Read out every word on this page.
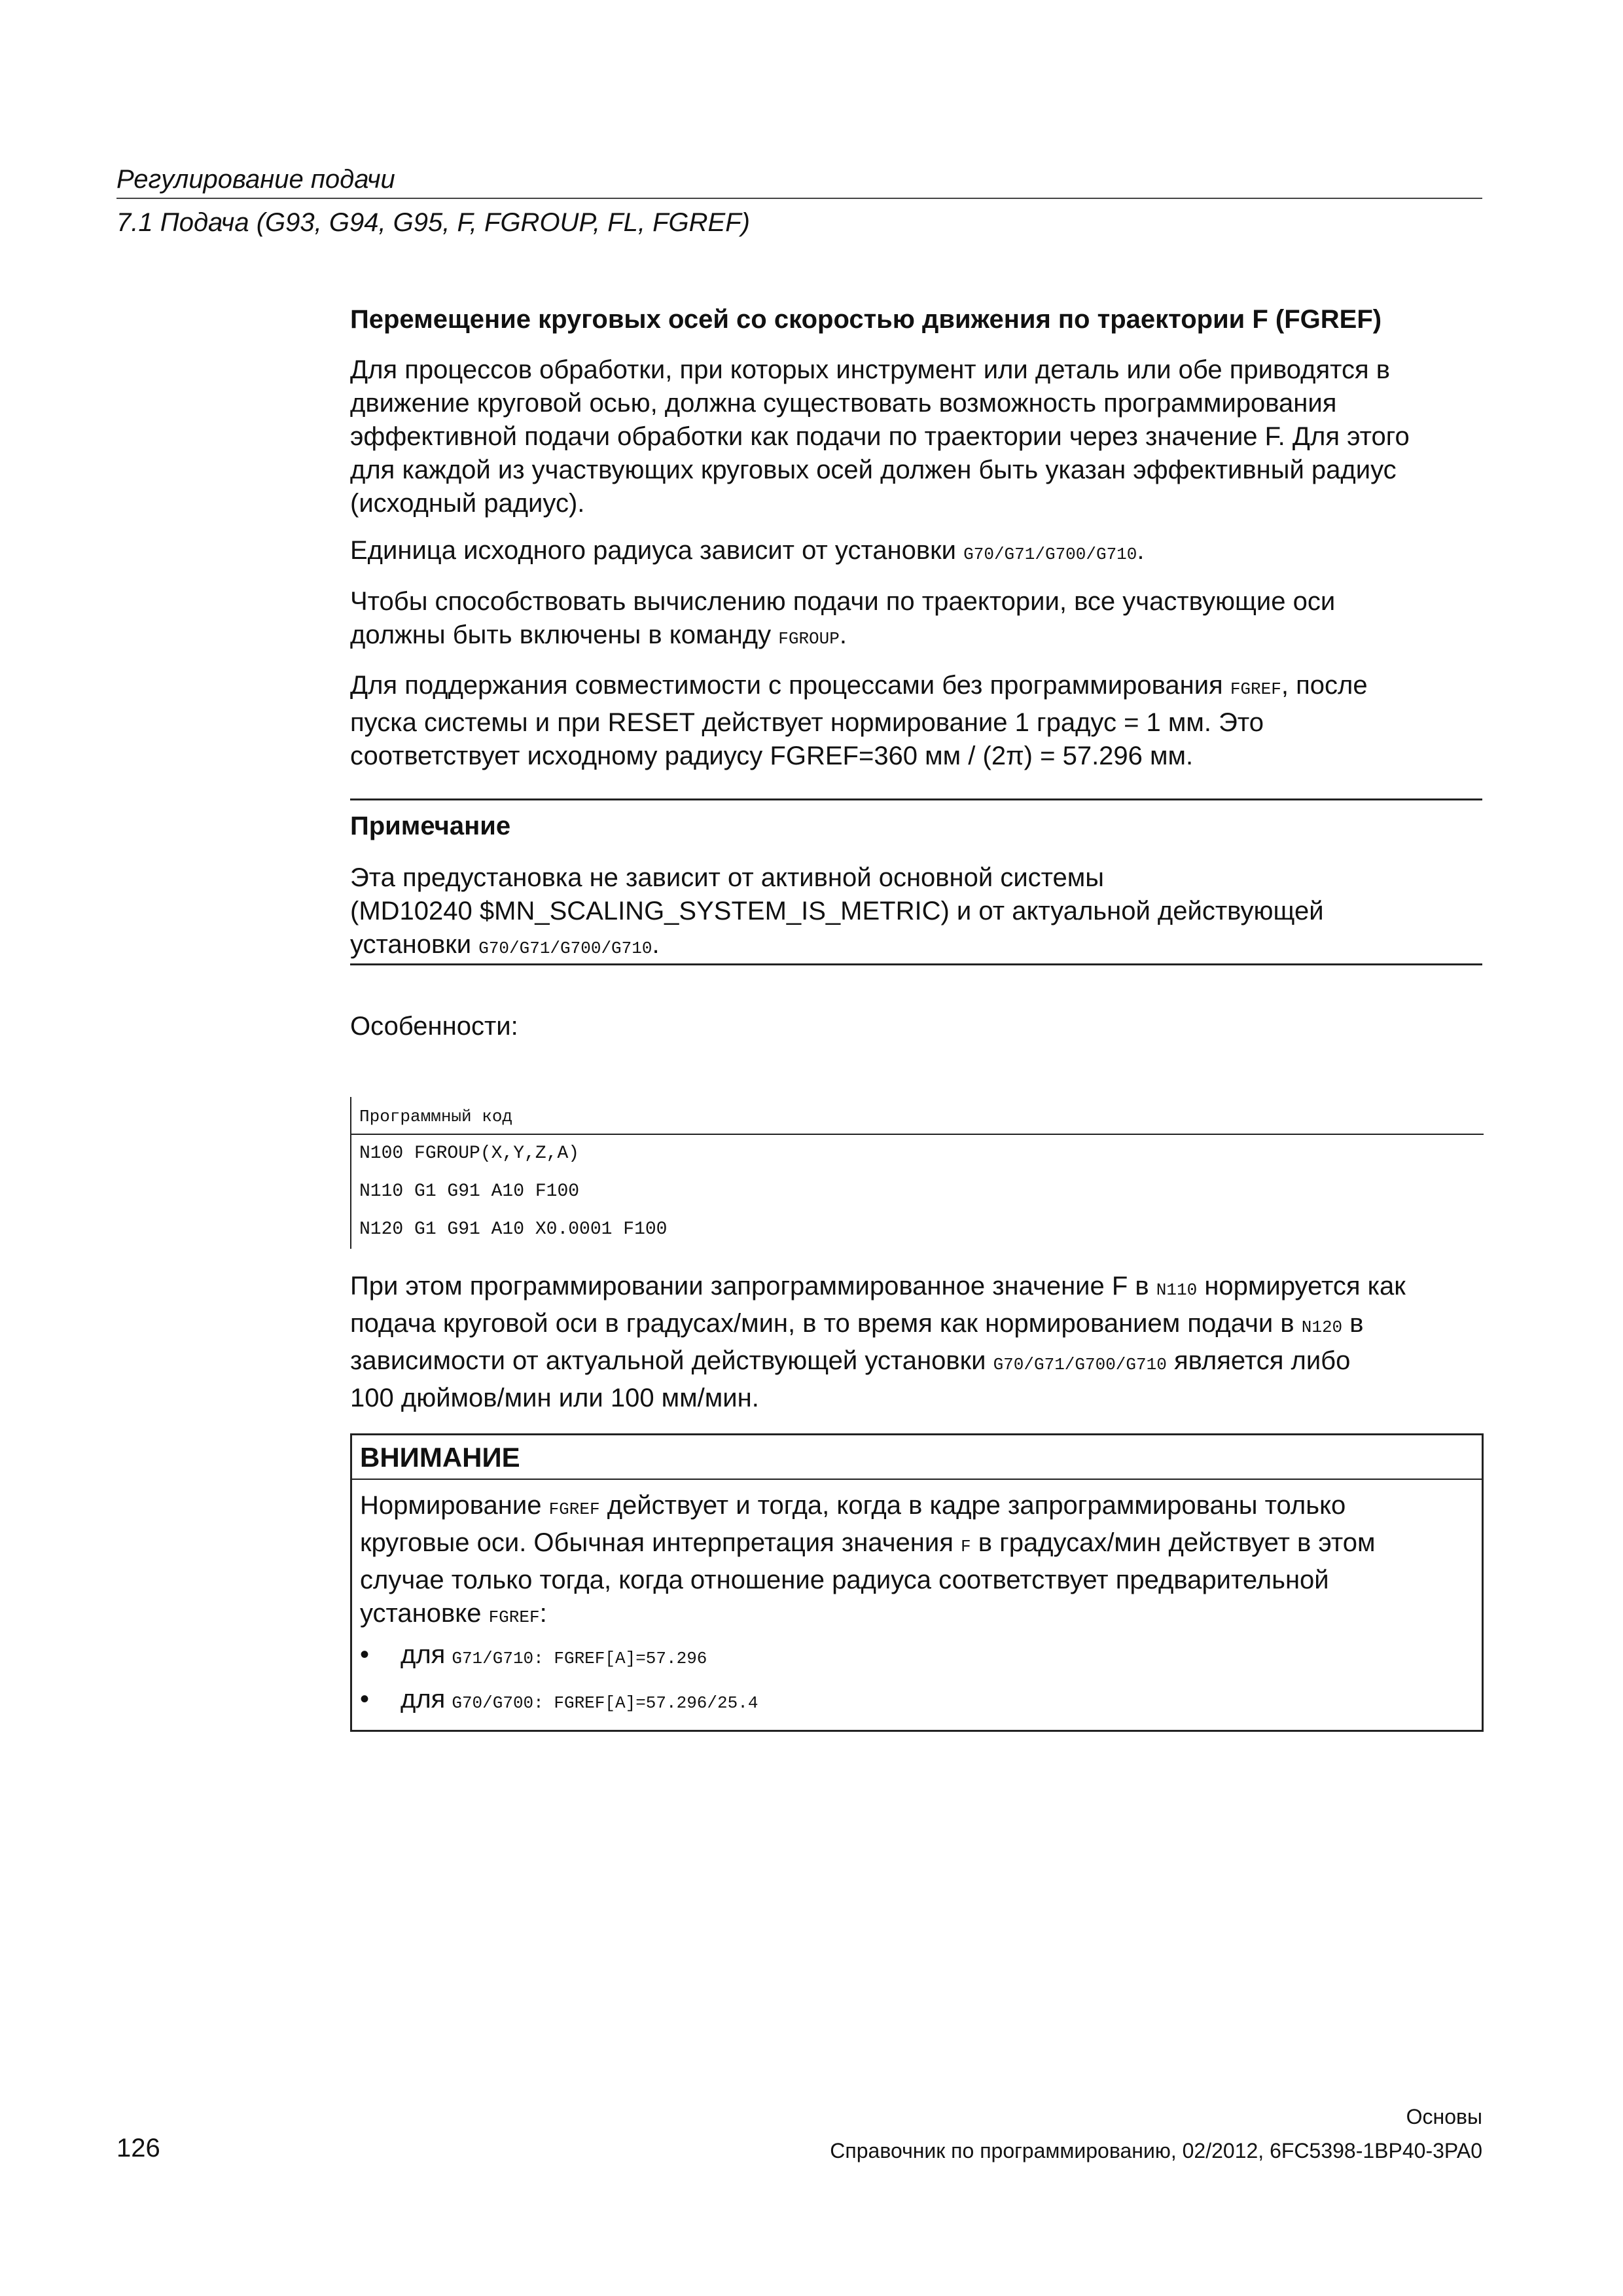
Регулирование подачи
7.1 Подача (G93, G94, G95, F, FGROUP, FL, FGREF)
Перемещение круговых осей со скоростью движения по траектории F (FGREF)

Для процессов обработки, при которых инструмент или деталь или обе приводятся в

движение круговой осью, должна существовать возможность программирования

эффективной подачи обработки как подачи по траектории через значение F. Для этого

для каждой из участвующих круговых осей должен быть указан эффективный радиус

(исходный радиус).

Единица исходного радиуса зависит от установки G70/G71/G700/G710.

Чтобы способствовать вычислению подачи по траектории, все участвующие оси

должны быть включены в команду FGROUP.

Для поддержания совместимости с процессами без программирования FGREF, после

пуска системы и при RESET действует нормирование 1 градус = 1 мм. Это

соответствует исходному радиусу FGREF=360 мм / (2π) = 57.296 мм.

Примечание

Эта предустановка не зависит от активной основной системы

(MD10240 $MN_SCALING_SYSTEM_IS_METRIC) и от актуальной действующей

установки G70/G71/G700/G710.

Особенности:
Программный код
N100 FGROUP(X,Y,Z,A)
N110 G1 G91 A10 F100
N120 G1 G91 A10 X0.0001 F100

При этом программировании запрограммированное значение F в N110 нормируется как

подача круговой оси в градусах/мин, в то время как нормированием подачи в N120 в

зависимости от актуальной действующей установки G70/G71/G700/G710 является либо

100 дюймов/мин или 100 мм/мин.

ВНИМАНИЕ

Нормирование FGREF действует и тогда, когда в кадре запрограммированы только

круговые оси. Обычная интерпретация значения F в градусах/мин действует в этом

случае только тогда, когда отношение радиуса соответствует предварительной

установке FGREF:

•	для G71/G710: FGREF[A]=57.296
•	для G70/G700: FGREF[A]=57.296/25.4
Основы
126	Справочник по программированию, 02/2012, 6FC5398-1BP40-3PA0
